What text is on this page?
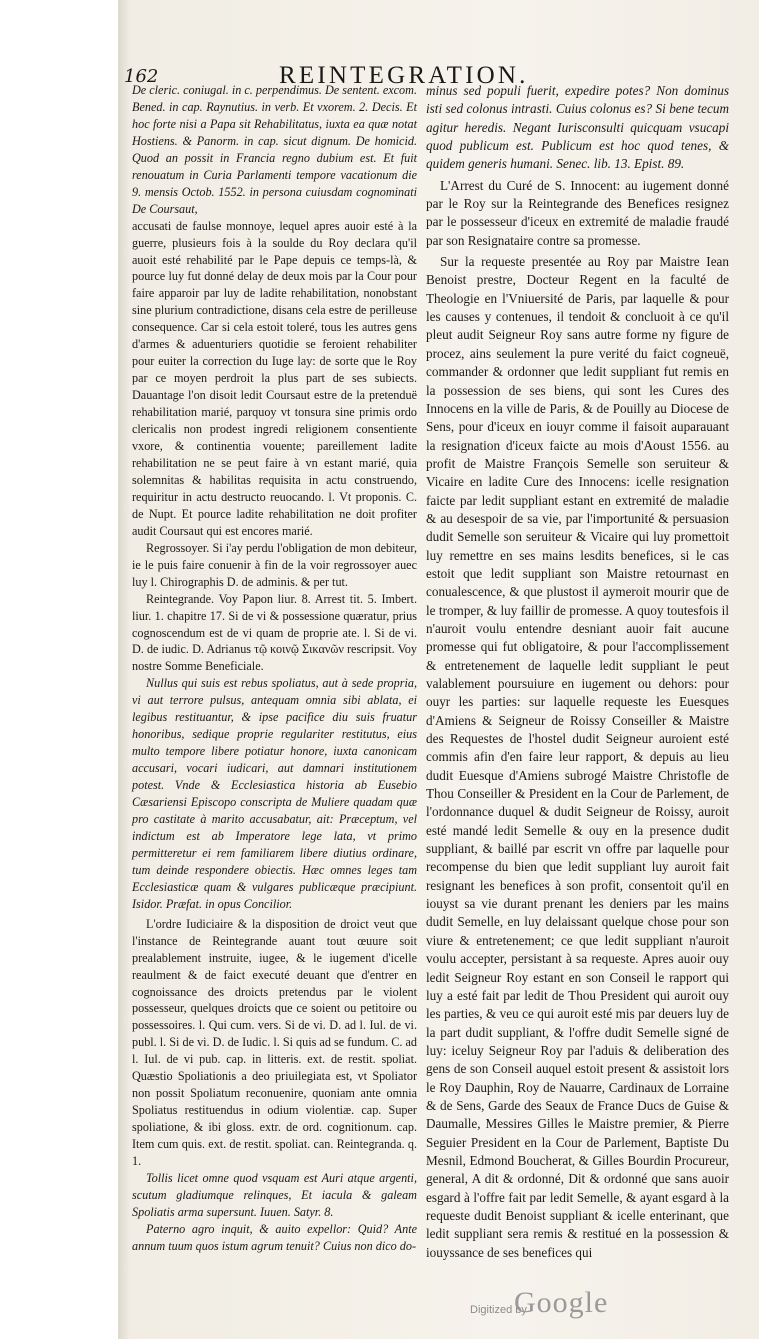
162	REINTEGRATION.

De cleric. coniugal. in c. perpendimus. De sentent. excom. Bened. in cap. Raynutius. in verb. Et vxorem. 2. Decis. Et hoc forte nisi a Papa sit Rehabilitatus, iuxta ea quæ notat Hostiens. & Panorm. in cap. sicut dignum. De homicid. Quod an possit in Francia regno dubium est. Et fuit renouatum in Curia Parlamenti tempore vacationum die 9. mensis Octob. 1552. in persona cuiusdam cognominati De Coursaut,

accusati de faulse monnoye, lequel apres auoir esté à la guerre, plusieurs fois à la soulde du Roy declara qu'il auoit esté rehabilité par le Pape depuis ce temps-là, & pource luy fut donné delay de deux mois par la Cour pour faire apparoir par luy de ladite rehabilitation, nonobstant sine plurium contradictione, disans cela estre de perilleuse consequence. Car si cela estoit toleré, tous les autres gens d'armes & aduenturiers quotidie se feroient rehabiliter pour euiter la correction du Iuge lay: de sorte que le Roy par ce moyen perdroit la plus part de ses subiects. Dauantage l'on disoit ledit Coursaut estre de la pretenduë rehabilitation marié, parquoy vt tonsura sine primis ordo clericalis non prodest ingredi religionem consentiente vxore, & continentia vouente; pareillement ladite rehabilitation ne se peut faire à vn estant marié, quia solemnitas & habilitas requisita in actu construendo, requiritur in actu destructo reuocando. l. Vt proponis. C. de Nupt. Et pource ladite rehabilitation ne doit profiter audit Coursaut qui est encores marié.

Regrossoyer. Si i'ay perdu l'obligation de mon debiteur, ie le puis faire conuenir à fin de la voir regrossoyer auec luy l. Chirographis D. de adminis. & per tut.

Reintegrande. Voy Papon liur. 8. Arrest tit. 5. Imbert. liur. 1. chapitre 17. Si de vi & possessione quæratur, prius cognoscendum est de vi quam de proprie ate. l. Si de vi. D. de iudic. D. Adrianus τῷ κοινῷ Σικανῶν rescripsit. Voy nostre Somme Beneficiale.

Nullus qui suis est rebus spoliatus, aut à sede propria, vi aut terrore pulsus, antequam omnia sibi ablata, ei legibus restituantur, & ipse pacifice diu suis fruatur honoribus, sedique proprie regulariter restitutus, eius multo tempore libere potiatur honore, iuxta canonicam accusari, vocari iudicari, aut damnari institutionem potest. Vnde & Ecclesiastica historia ab Eusebio Cæsariensi Episcopo conscripta de Muliere quadam quæ pro castitate à marito accusabatur, ait: Præceptum, vel indictum est ab Imperatore lege lata, vt primo permitteretur ei rem familiarem libere diutius ordinare, tum deinde respondere obiectis. Hæc omnes leges tam Ecclesiasticæ quam & vulgares publicæque præcipiunt. Isidor. Præfat. in opus Concilior.

L'ordre Iudiciaire & la disposition de droict veut que l'instance de Reintegrande auant tout œuure soit prealablement instruite, iugee, & le iugement d'icelle reaulment & de faict executé deuant que d'entrer en cognoissance des droicts pretendus par le violent possesseur, quelques droicts que ce soient ou petitoire ou possessoires. l. Qui cum. vers. Si de vi. D. ad l. Iul. de vi. publ. l. Si de vi. D. de Iudic. l. Si quis ad se fundum. C. ad l. Iul. de vi pub. cap. in litteris. ext. de restit. spoliat. Quæstio Spoliationis a deo priuilegiata est, vt Spoliator non possit Spoliatum reconuenire, quoniam ante omnia Spoliatus restituendus in odium violentiæ. cap. Super spoliatione, & ibi gloss. extr. de ord. cognitionum. cap. Item cum quis. ext. de restit. spoliat. can. Reintegranda. q. 1.

Tollis licet omne quod vsquam est Auri atque argenti, scutum gladiumque relinques, Et iacula & galeam Spoliatis arma supersunt. Iuuen. Satyr. 8.

Paterno agro inquit, & auito expellor: Quid? Ante annum tuum quos istum agrum tenuit? Cuius non dico do-

minus sed populi fuerit, expedire potes? Non dominus isti sed colonus intrasti. Cuius colonus es? Si bene tecum agitur heredis. Negant Iurisconsulti quicquam vsucapi quod publicum est. Publicum est hoc quod tenes, & quidem generis humani. Senec. lib. 13. Epist. 89.

L'Arrest du Curé de S. Innocent: au iugement donné par le Roy sur la Reintegrande des Benefices resignez par le possesseur d'iceux en extremité de maladie fraudé par son Resignataire contre sa promesse.

Sur la requeste presentée au Roy par Maistre Iean Benoist prestre, Docteur Regent en la faculté de Theologie en l'Vniuersité de Paris, par laquelle & pour les causes y contenues, il tendoit & concluoit à ce qu'il pleut audit Seigneur Roy sans autre forme ny figure de procez, ains seulement la pure verité du faict cogneuë, commander & ordonner que ledit suppliant fut remis en la possession de ses biens, qui sont les Cures des Innocens en la ville de Paris, & de Pouilly au Diocese de Sens, pour d'iceux en iouyr comme il faisoit auparauant la resignation d'iceux faicte au mois d'Aoust 1556. au profit de Maistre François Semelle son seruiteur & Vicaire en ladite Cure des Innocens: icelle resignation faicte par ledit suppliant estant en extremité de maladie & au desespoir de sa vie, par l'importunité & persuasion dudit Semelle son seruiteur & Vicaire qui luy promettoit luy remettre en ses mains lesdits benefices, si le cas estoit que ledit suppliant son Maistre retournast en conualescence, & que plustost il aymeroit mourir que de le tromper, & luy faillir de promesse. A quoy toutesfois il n'auroit voulu entendre desniant auoir fait aucune promesse qui fut obligatoire, & pour l'accomplissement & entretenement de laquelle ledit suppliant le peut valablement poursuiure en iugement ou dehors: pour ouyr les parties: sur laquelle requeste les Euesques d'Amiens & Seigneur de Roissy Conseiller & Maistre des Requestes de l'hostel dudit Seigneur auroient esté commis afin d'en faire leur rapport, & depuis au lieu dudit Euesque d'Amiens subrogé Maistre Christofle de Thou Conseiller & President en la Cour de Parlement, de l'ordonnance duquel & dudit Seigneur de Roissy, auroit esté mandé ledit Semelle & ouy en la presence dudit suppliant, & baillé par escrit vn offre par laquelle pour recompense du bien que ledit suppliant luy auroit fait resignant les benefices à son profit, consentoit qu'il en iouyst sa vie durant prenant les deniers par les mains dudit Semelle, en luy delaissant quelque chose pour son viure & entretenement; ce que ledit suppliant n'auroit voulu accepter, persistant à sa requeste. Apres auoir ouy ledit Seigneur Roy estant en son Conseil le rapport qui luy a esté fait par ledit de Thou President qui auroit ouy les parties, & veu ce qui auroit esté mis par deuers luy de la part dudit suppliant, & l'offre dudit Semelle signé de luy: iceluy Seigneur Roy par l'aduis & deliberation des gens de son Conseil auquel estoit present & assistoit lors le Roy Dauphin, Roy de Nauarre, Cardinaux de Lorraine & de Sens, Garde des Seaux de France Ducs de Guise & Daumalle, Messires Gilles le Maistre premier, & Pierre Seguier President en la Cour de Parlement, Baptiste Du Mesnil, Edmond Boucherat, & Gilles Bourdin Procureur, general, A dit & ordonné, Dit & ordonné que sans auoir esgard à l'offre fait par ledit Semelle, & ayant esgard à la requeste dudit Benoist suppliant & icelle enterinant, que ledit suppliant sera remis & restitué en la possession & iouyssance de ses benefices qui

Digitized by
Google
